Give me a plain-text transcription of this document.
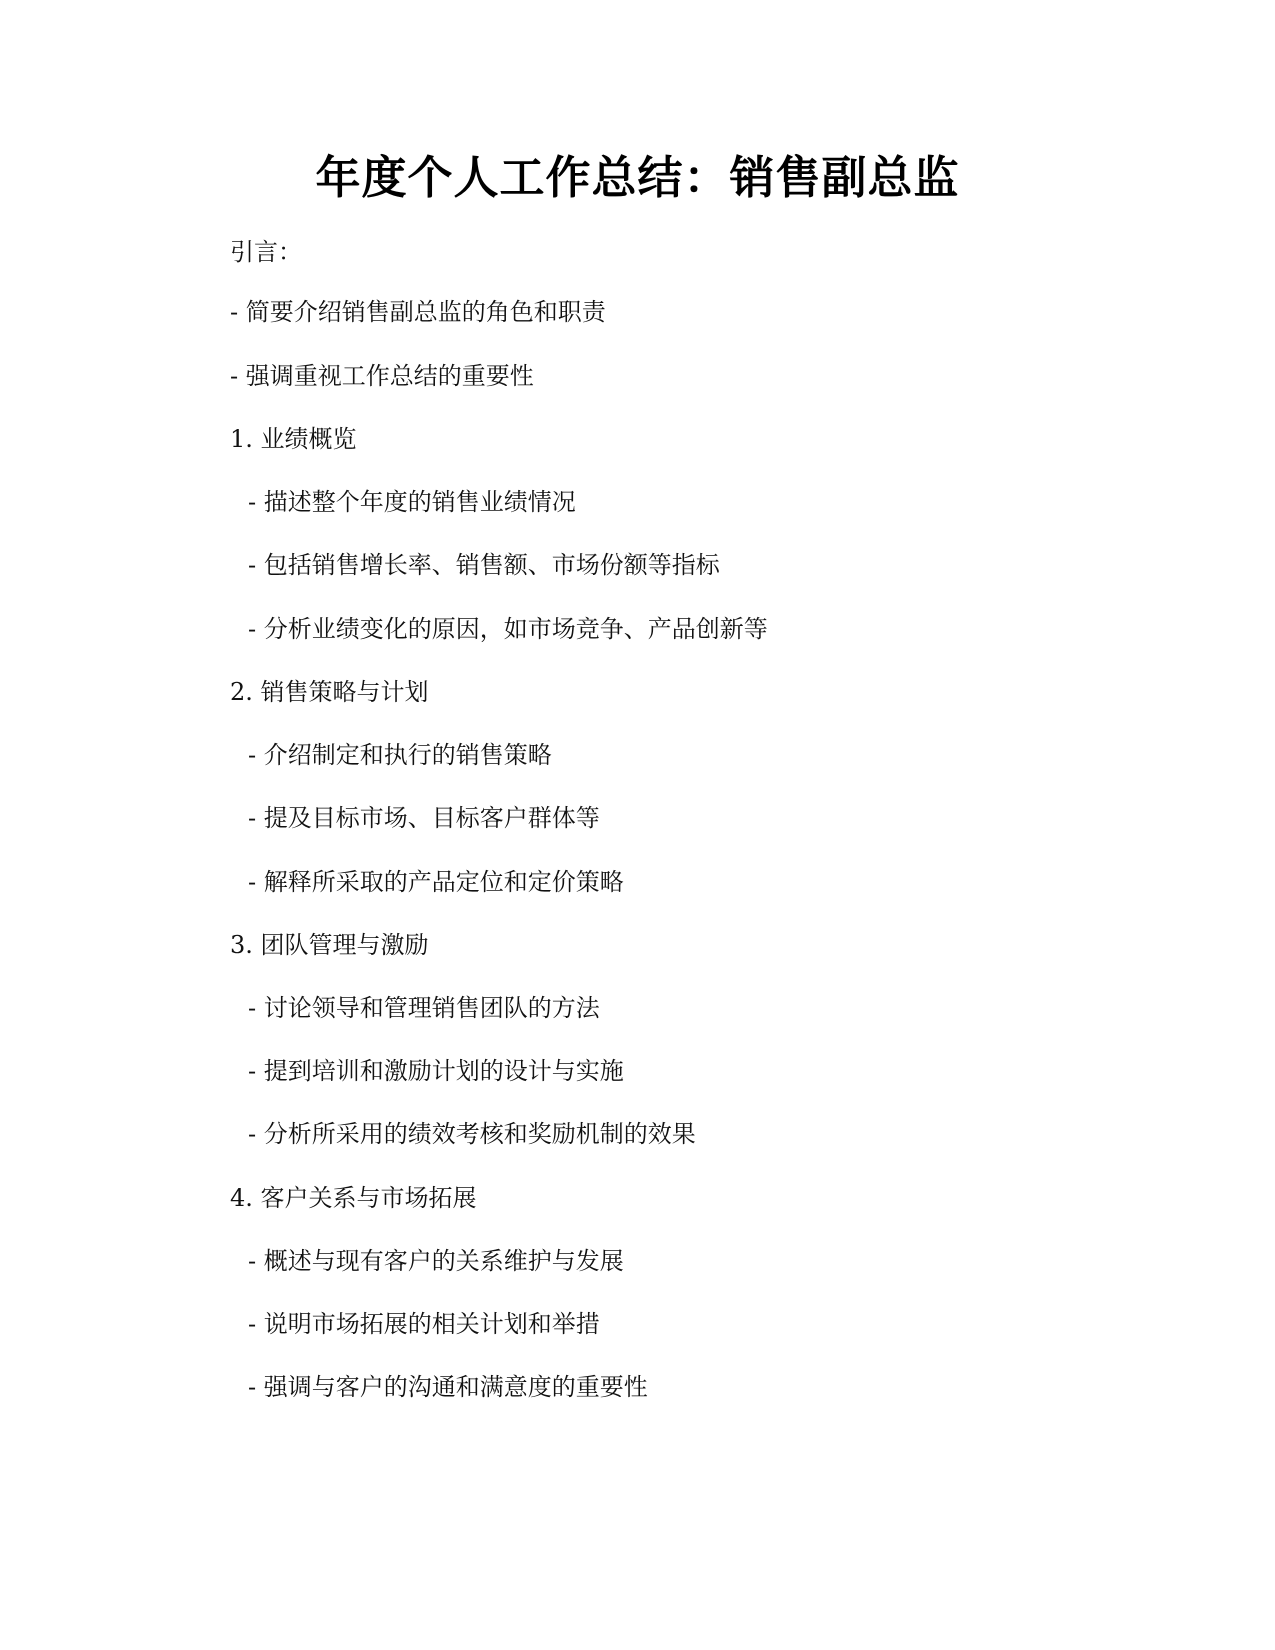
年度个人工作总结：销售副总监
引言：
- 简要介绍销售副总监的角色和职责
- 强调重视工作总结的重要性
1. 业绩概览
- 描述整个年度的销售业绩情况
- 包括销售增长率、销售额、市场份额等指标
- 分析业绩变化的原因，如市场竞争、产品创新等
2. 销售策略与计划
- 介绍制定和执行的销售策略
- 提及目标市场、目标客户群体等
- 解释所采取的产品定位和定价策略
3. 团队管理与激励
- 讨论领导和管理销售团队的方法
- 提到培训和激励计划的设计与实施
- 分析所采用的绩效考核和奖励机制的效果
4. 客户关系与市场拓展
- 概述与现有客户的关系维护与发展
- 说明市场拓展的相关计划和举措
- 强调与客户的沟通和满意度的重要性
